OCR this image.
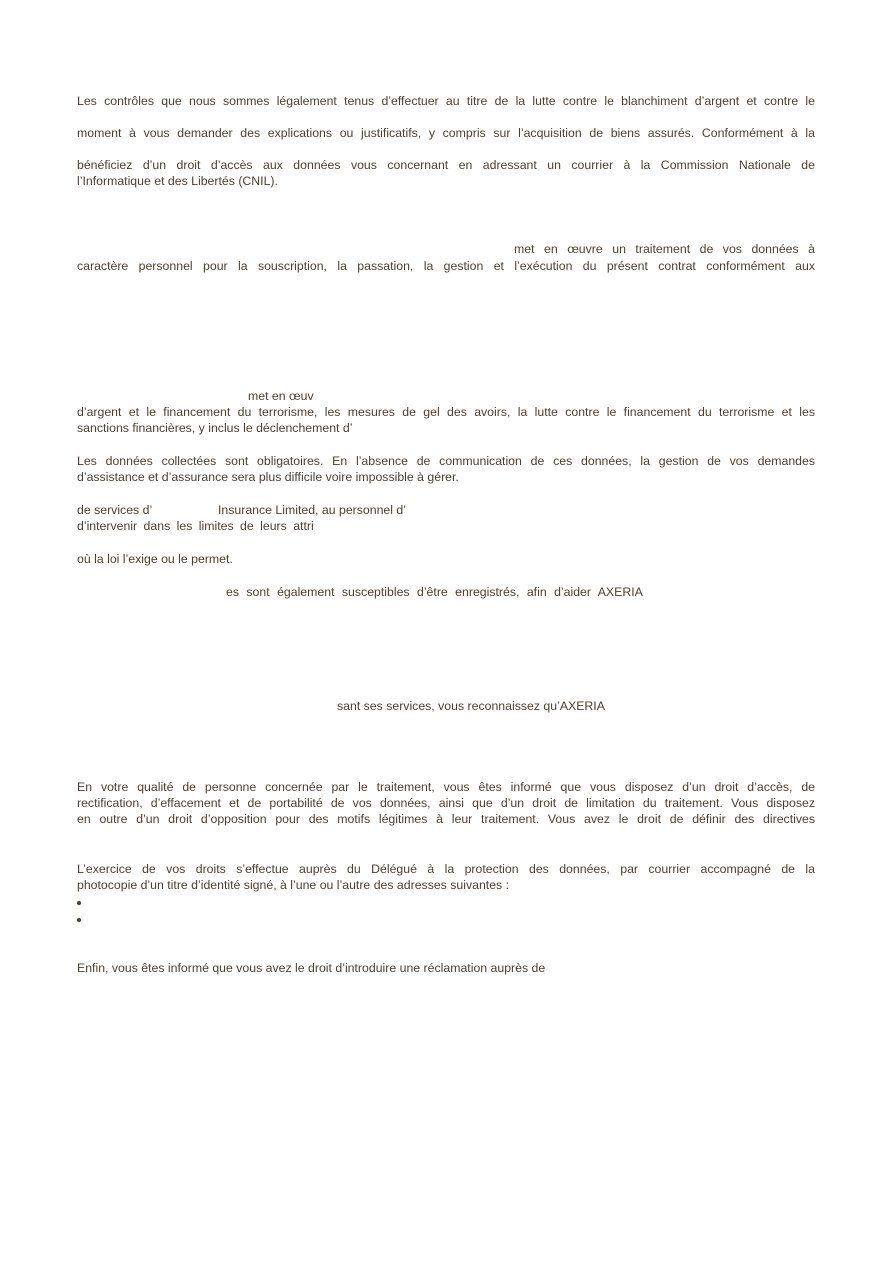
Les contrôles que nous sommes légalement tenus d’effectuer au titre de la lutte contre le blanchiment d’argent et contre le
moment à vous demander des explications ou justificatifs, y compris sur l’acquisition de biens assurés. Conformément à la
bénéficiez d’un droit d’accès aux données vous concernant en adressant un courrier à la Commission Nationale de
l’Informatique et des Libertés (CNIL).
met en œuvre un traitement de vos données à
caractère personnel pour la souscription, la passation, la gestion et l’exécution du présent contrat conformément aux
met en œuv
d’argent et le financement du terrorisme, les mesures de gel des avoirs, la lutte contre le financement du terrorisme et les
sanctions financières, y inclus le déclenchement d’
Les données collectées sont obligatoires. En l’absence de communication de ces données, la gestion de vos demandes
d’assistance et d’assurance sera plus difficile voire impossible à gérer.
de services d’	Insurance Limited, au personnel d’
d’intervenir dans les limites de leurs attri
où la loi l’exige ou le permet.
es sont également susceptibles d’être enregistrés, afin d’aider AXERIA
sant ses services, vous reconnaissez qu’AXERIA
En votre qualité de personne concernée par le traitement, vous êtes informé que vous disposez d’un droit d’accès, de
rectification, d’effacement et de portabilité de vos données, ainsi que d’un droit de limitation du traitement. Vous disposez
en outre d’un droit d’opposition pour des motifs légitimes à leur traitement. Vous avez le droit de définir des directives
L’exercice de vos droits s’effectue auprès du Délégué à la protection des données, par courrier accompagné de la
photocopie d’un titre d’identité signé, à l’une ou l’autre des adresses suivantes :
Enfin, vous êtes informé que vous avez le droit d’introduire une réclamation auprès de
